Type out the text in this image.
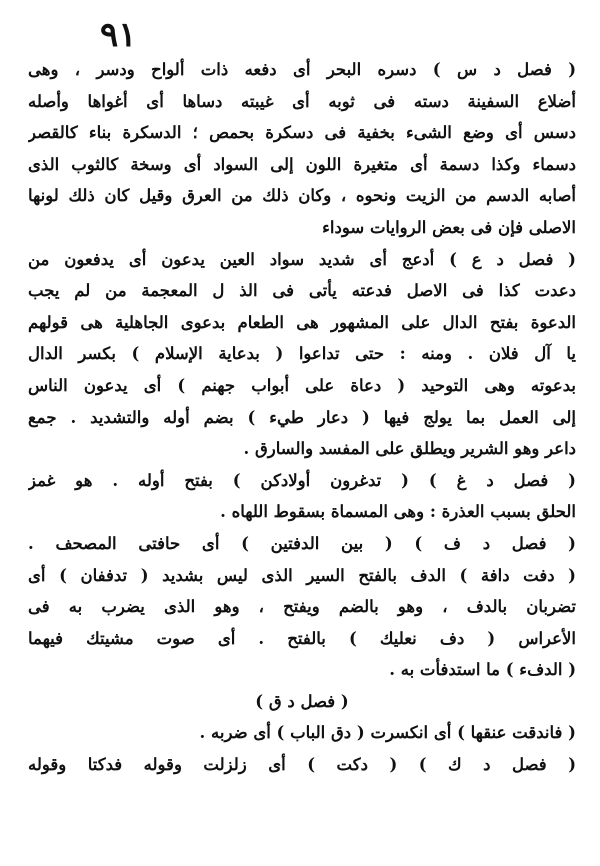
٩١
( فصل د س ) دسره البحر أى دفعه ذات ألواح ودسر ، وهى
أضلاع السفينة دسته فى ثوبه أى غيبته دساها أى أغواها وأصله
دسس أى وضع الشىء بخفية فى دسكرة بحمص ؛ الدسكرة بناء كالقصر
دسماء وكذا دسمة أى متغيرة اللون إلى السواد أى وسخة كالثوب الذى
أصابه الدسم من الزيت ونحوه ، وكان ذلك من العرق وقيل كان ذلك لونها
الاصلى فإن فى بعض الروايات سوداء
( فصل د ع ) أدعج أى شديد سواد العين يدعون أى يدفعون من
دعدت كذا فى الاصل فدعته يأتى فى الذ ل المعجمة من لم يجب
الدعوة بفتح الدال على المشهور هى الطعام بدعوى الجاهلية هى قولهم
يا آل فلان . ومنه : حتى تداعوا ( بدعاية الإسلام ) بكسر الدال
بدعوته وهى التوحيد ( دعاة على أبواب جهنم ) أى يدعون الناس
إلى العمل بما يولج فيها ( دعار طيء ) بضم أوله والتشديد . جمع
داعر وهو الشرير ويطلق على المفسد والسارق .
( فصل د غ ) ( تدغرون أولادكن ) بفتح أوله . هو غمز
الحلق بسبب العذرة : وهى المسماة بسقوط اللهاه .
( فصل د ف ) ( بين الدفتين ) أى حافتى المصحف .
( دفت دافة ) الدف بالفتح السير الذى ليس بشديد ( تدففان ) أى
تضربان بالدف ، وهو بالضم ويفتح ، وهو الذى يضرب به فى
الأعراس ( دف نعليك ) بالفتح . أى صوت مشيتك فيهما
( الدفء ) ما استدفأت به .
( فصل د ق )
( فاندقت عنقها ) أى انكسرت ( دق الباب ) أى ضربه .
( فصل د ك ) ( دكت ) أى زلزلت وقوله فدكتا وقوله
